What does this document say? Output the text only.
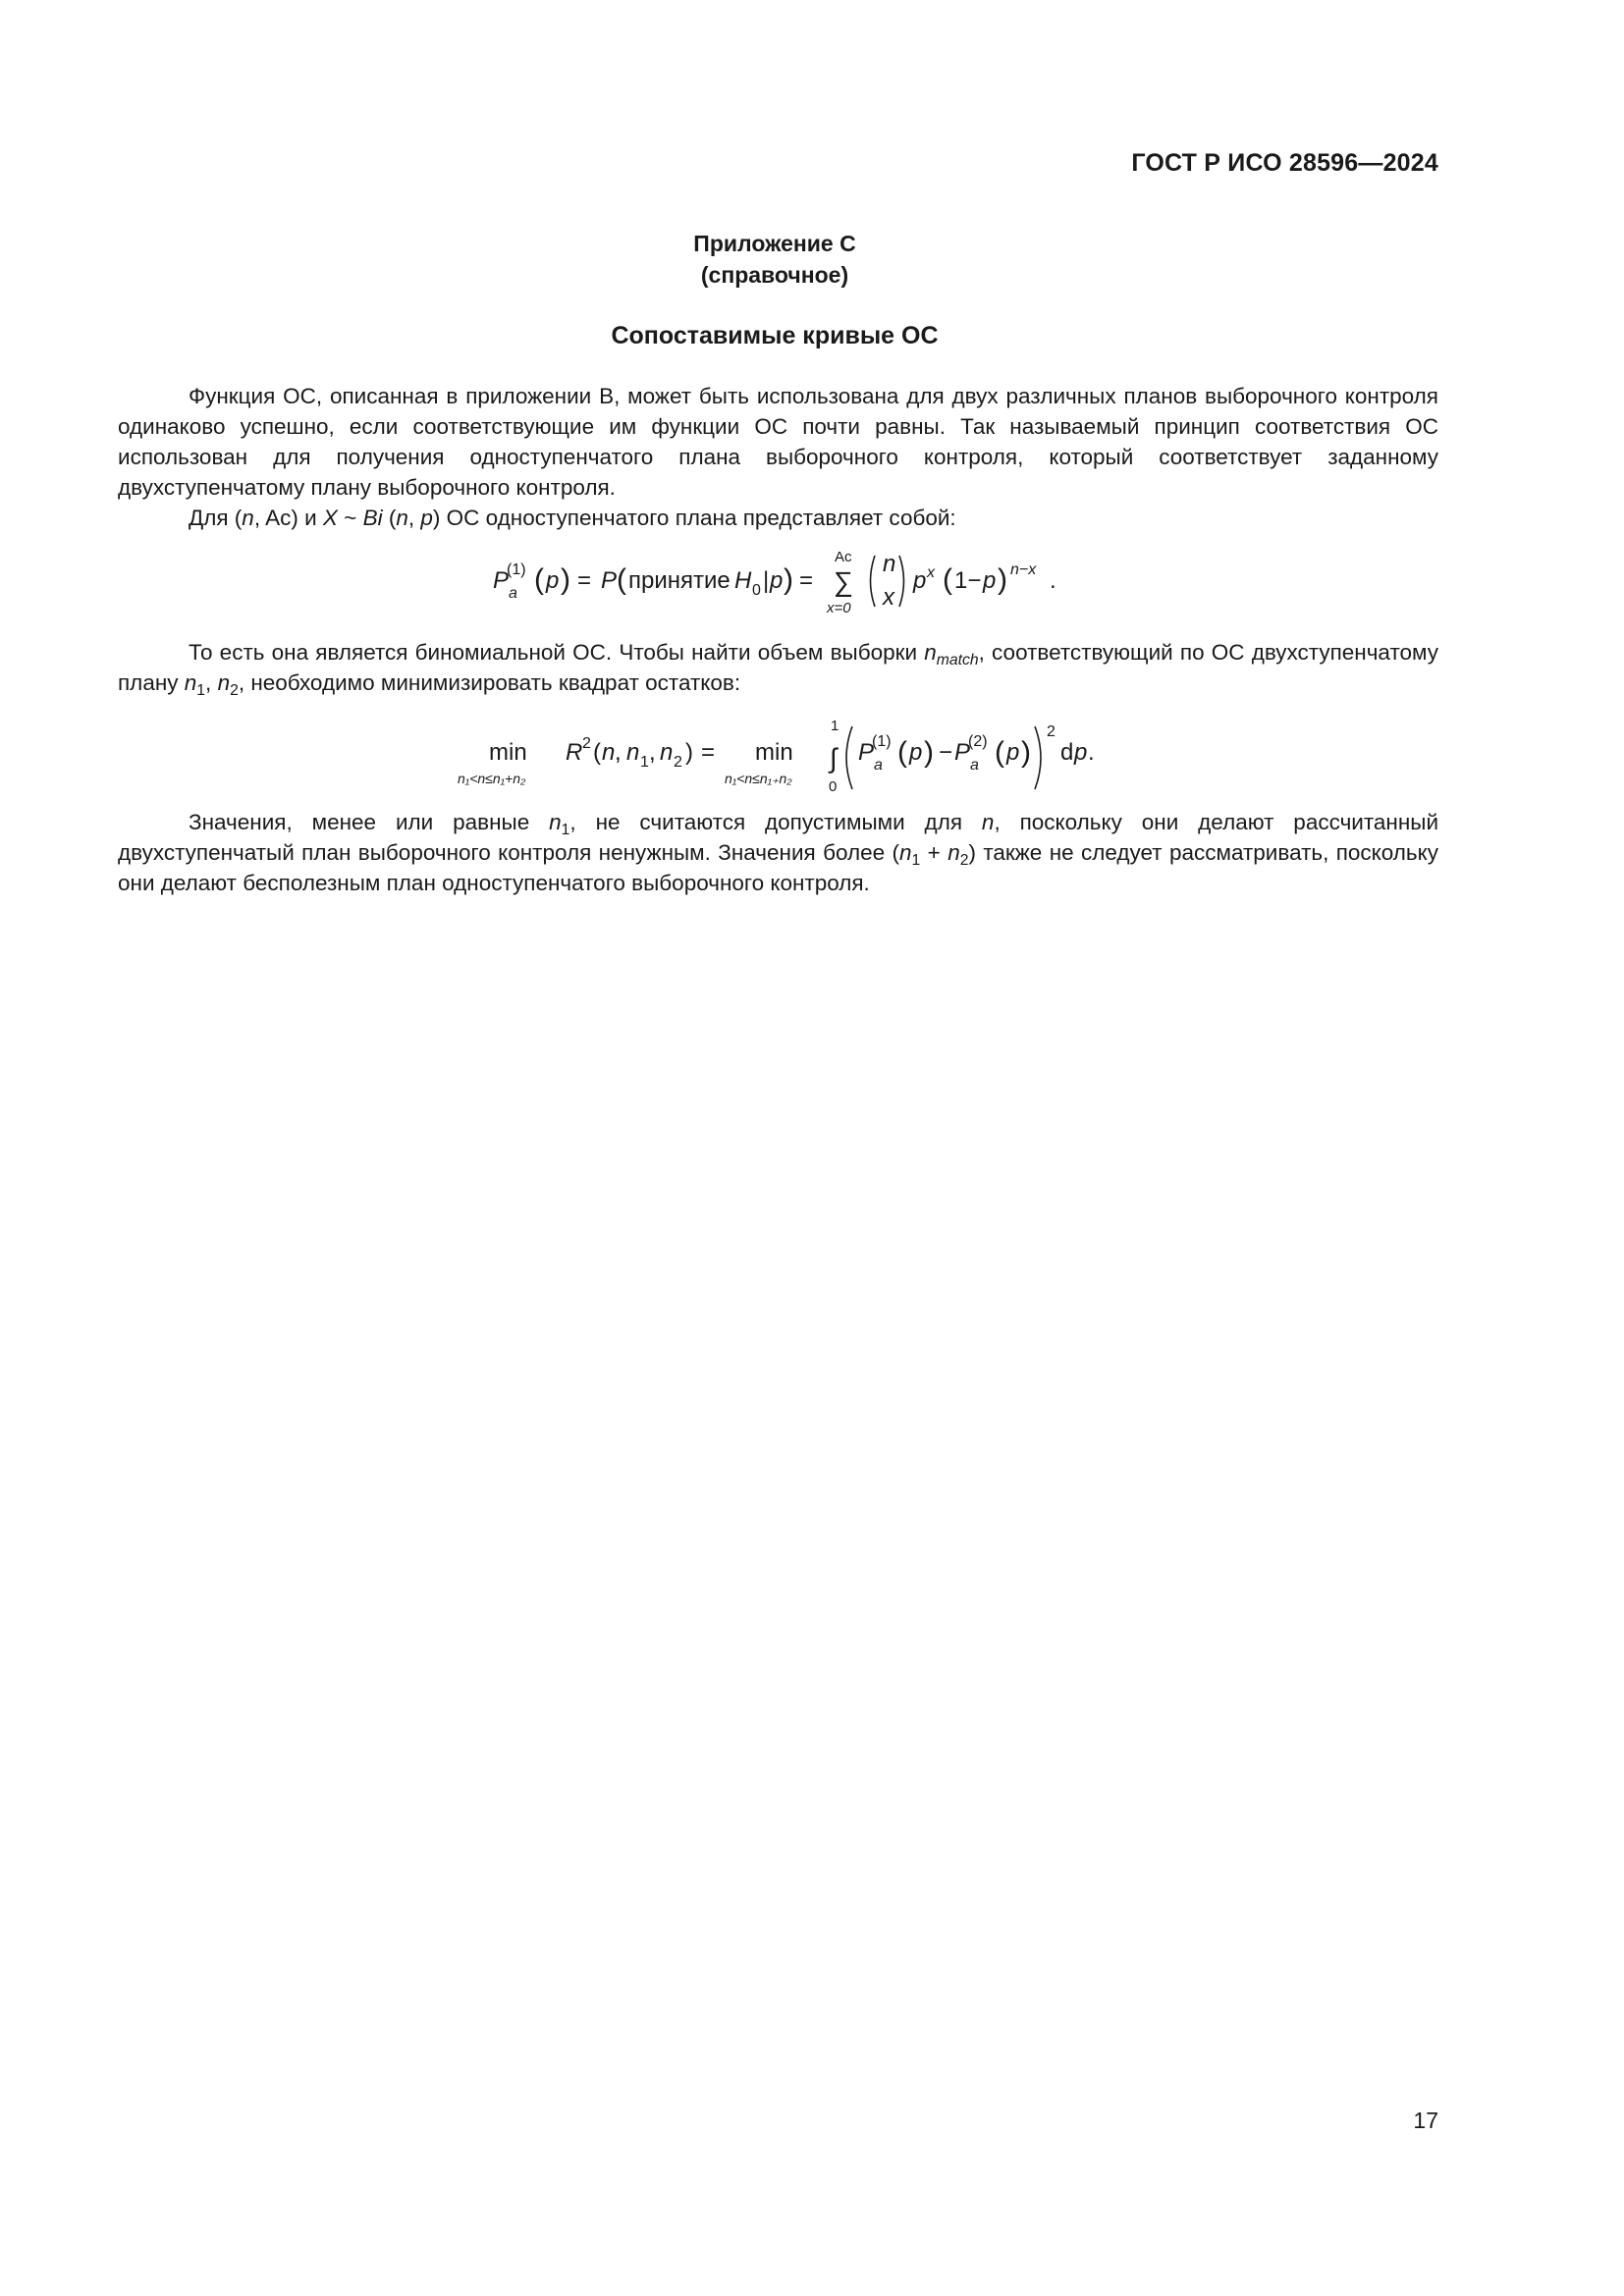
ГОСТ Р ИСО 28596—2024
Приложение С
(справочное)
Сопоставимые кривые ОС

Функция ОС, описанная в приложении В, может быть использована для двух различных планов выборочного контроля одинаково успешно, если соответствующие им функции ОС почти равны. Так называемый принцип соответствия ОС использован для получения одноступенчатого плана выборочного контроля, который соответствует заданному двухступенчатому плану выборочного контроля.

Для (n, Ac) и X ~ Bi (n, p) ОС одноступенчатого плана представляет собой:

P a
(1) ( p ) = P ( принятие H 0 | p ) =
Ac
∑
x=0
n
x
p x ( 1− p ) n−x .

То есть она является биномиальной ОС. Чтобы найти объем выборки $n_{match}$, соответствующий по ОС двухступенчатому плану $n_1$, $n_2$, необходимо минимизировать квадрат остатков:

min
n₁<n≤n₁+n₂
R 2 ( n , n 1 , n 2 ) = min
n₁<n≤n₁₊n₂
1
∫
0
P a
(1) ( p ) − P a
(2) ( p )
2
d p .

Значения, менее или равные $n_1$, не считаются допустимыми для n, поскольку они делают рассчитанный двухступенчатый план выборочного контроля ненужным. Значения более $(n_1 + n_2)$ также не следует рассматривать, поскольку они делают бесполезным план одноступенчатого выборочного контроля.

17
